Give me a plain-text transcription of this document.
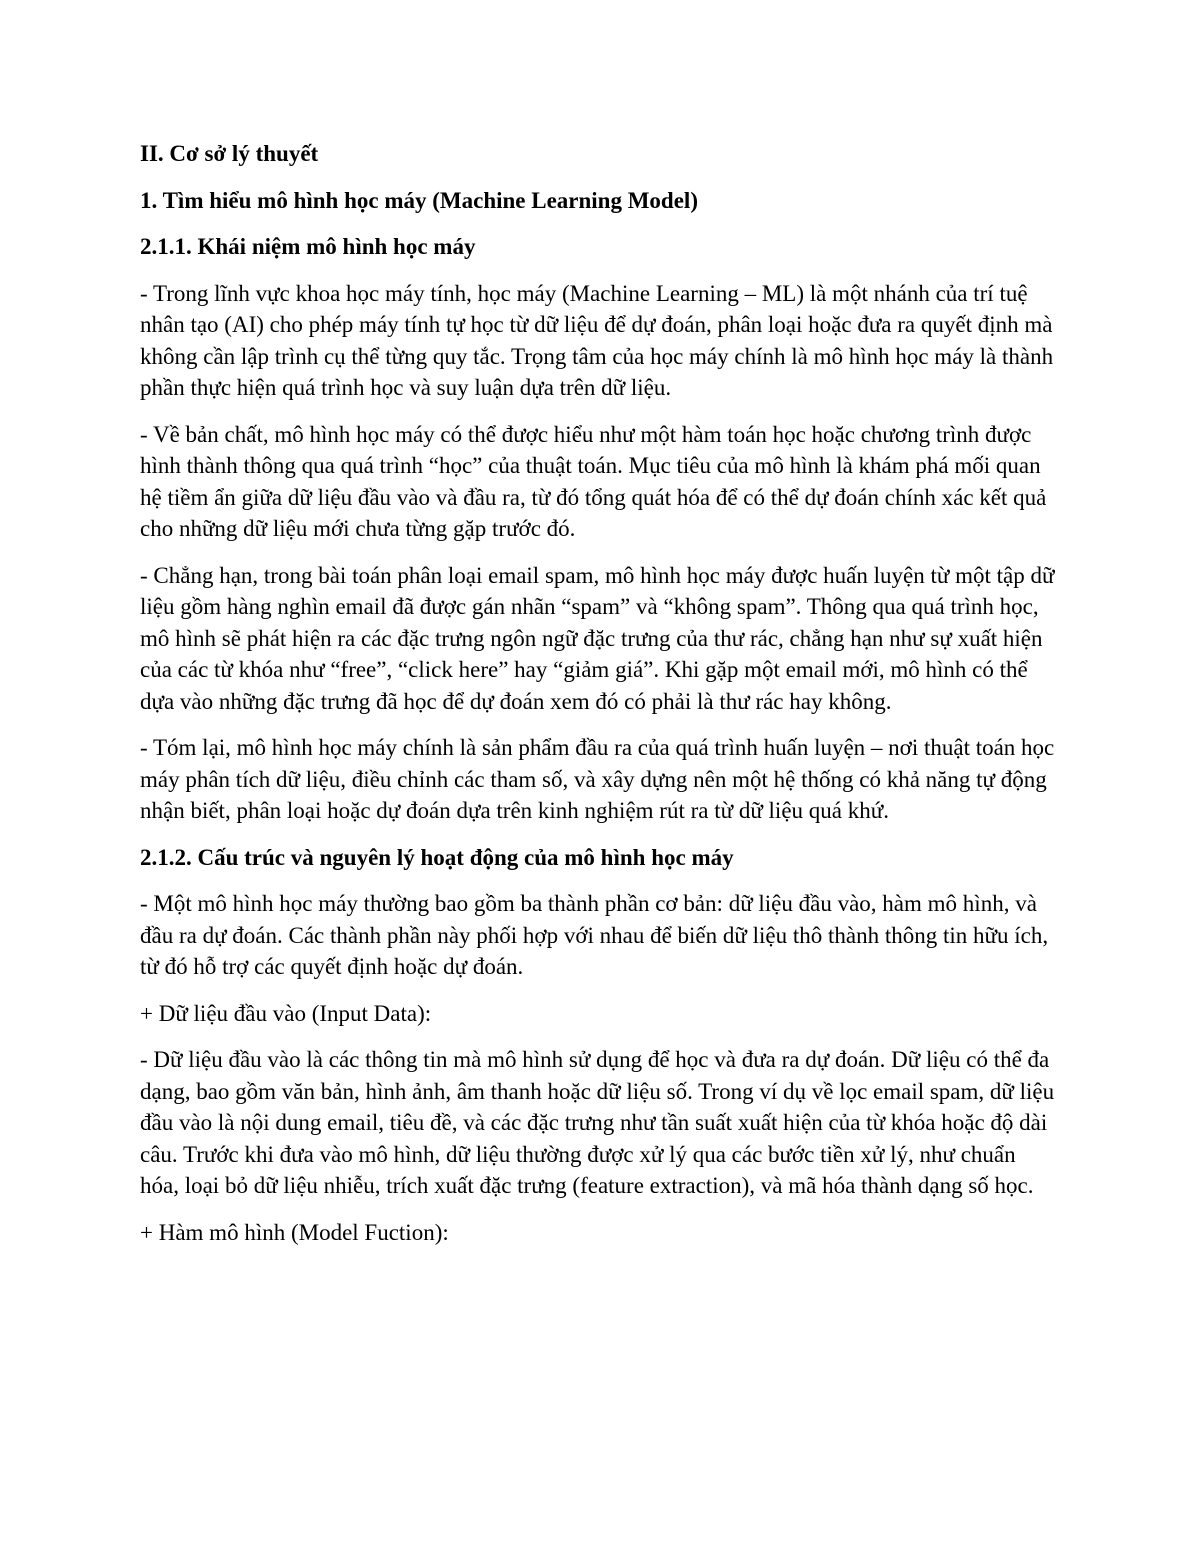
II. Cơ sở lý thuyết
1. Tìm hiểu mô hình học máy (Machine Learning Model)
2.1.1. Khái niệm mô hình học máy
- Trong lĩnh vực khoa học máy tính, học máy (Machine Learning – ML) là một nhánh của trí tuệ nhân tạo (AI) cho phép máy tính tự học từ dữ liệu để dự đoán, phân loại hoặc đưa ra quyết định mà không cần lập trình cụ thể từng quy tắc. Trọng tâm của học máy chính là mô hình học máy là thành phần thực hiện quá trình học và suy luận dựa trên dữ liệu.
- Về bản chất, mô hình học máy có thể được hiểu như một hàm toán học hoặc chương trình được hình thành thông qua quá trình “học” của thuật toán. Mục tiêu của mô hình là khám phá mối quan hệ tiềm ẩn giữa dữ liệu đầu vào và đầu ra, từ đó tổng quát hóa để có thể dự đoán chính xác kết quả cho những dữ liệu mới chưa từng gặp trước đó.
- Chẳng hạn, trong bài toán phân loại email spam, mô hình học máy được huấn luyện từ một tập dữ liệu gồm hàng nghìn email đã được gán nhãn “spam” và “không spam”. Thông qua quá trình học, mô hình sẽ phát hiện ra các đặc trưng ngôn ngữ đặc trưng của thư rác, chẳng hạn như sự xuất hiện của các từ khóa như “free”, “click here” hay “giảm giá”. Khi gặp một email mới, mô hình có thể dựa vào những đặc trưng đã học để dự đoán xem đó có phải là thư rác hay không.
- Tóm lại, mô hình học máy chính là sản phẩm đầu ra của quá trình huấn luyện – nơi thuật toán học máy phân tích dữ liệu, điều chỉnh các tham số, và xây dựng nên một hệ thống có khả năng tự động nhận biết, phân loại hoặc dự đoán dựa trên kinh nghiệm rút ra từ dữ liệu quá khứ.
2.1.2. Cấu trúc và nguyên lý hoạt động của mô hình học máy
- Một mô hình học máy thường bao gồm ba thành phần cơ bản: dữ liệu đầu vào, hàm mô hình, và đầu ra dự đoán. Các thành phần này phối hợp với nhau để biến dữ liệu thô thành thông tin hữu ích, từ đó hỗ trợ các quyết định hoặc dự đoán.
+ Dữ liệu đầu vào (Input Data):
- Dữ liệu đầu vào là các thông tin mà mô hình sử dụng để học và đưa ra dự đoán. Dữ liệu có thể đa dạng, bao gồm văn bản, hình ảnh, âm thanh hoặc dữ liệu số. Trong ví dụ về lọc email spam, dữ liệu đầu vào là nội dung email, tiêu đề, và các đặc trưng như tần suất xuất hiện của từ khóa hoặc độ dài câu. Trước khi đưa vào mô hình, dữ liệu thường được xử lý qua các bước tiền xử lý, như chuẩn hóa, loại bỏ dữ liệu nhiễu, trích xuất đặc trưng (feature extraction), và mã hóa thành dạng số học.
+ Hàm mô hình (Model Fuction):
